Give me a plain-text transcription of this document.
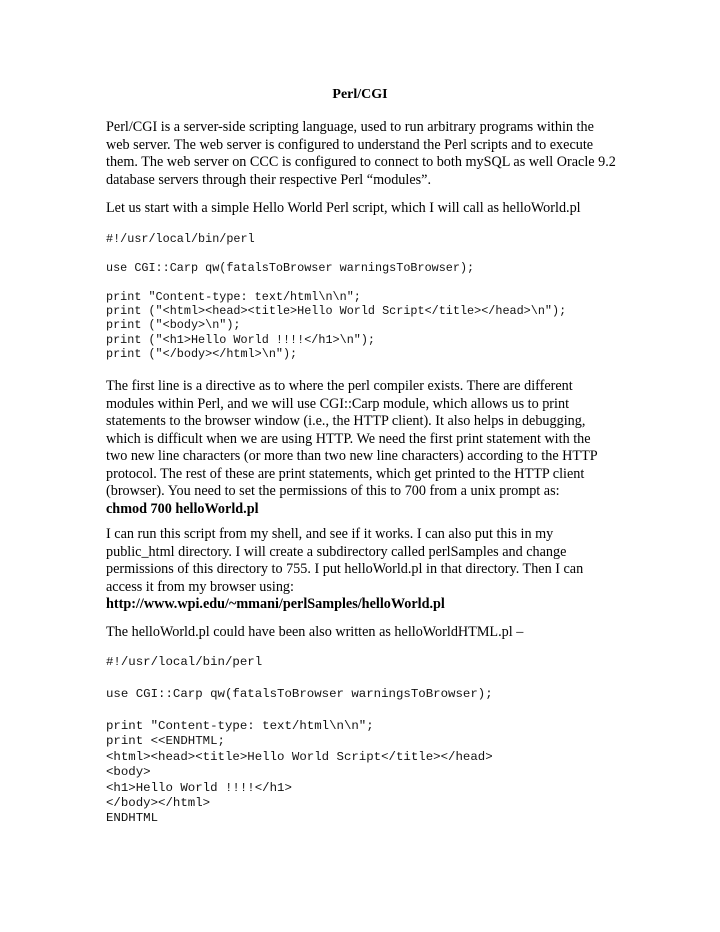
Perl/CGI
Perl/CGI is a server-side scripting language, used to run arbitrary programs within the
web server. The web server is configured to understand the Perl scripts and to execute
them. The web server on CCC is configured to connect to both mySQL as well Oracle 9.2
database servers through their respective Perl “modules”.
Let us start with a simple Hello World Perl script, which I will call as helloWorld.pl
#!/usr/local/bin/perl
use CGI::Carp qw(fatalsToBrowser warningsToBrowser);
print "Content-type: text/html\n\n";
print ("<html><head><title>Hello World Script</title></head>\n");
print ("<body>\n");
print ("<h1>Hello World !!!!</h1>\n");
print ("</body></html>\n");
The first line is a directive as to where the perl compiler exists. There are different
modules within Perl, and we will use CGI::Carp module, which allows us to print
statements to the browser window (i.e., the HTTP client). It also helps in debugging,
which is difficult when we are using HTTP. We need the first print statement with the
two new line characters (or more than two new line characters) according to the HTTP
protocol. The rest of these are print statements, which get printed to the HTTP client
(browser). You need to set the permissions of this to 700 from a unix prompt as:
chmod 700 helloWorld.pl
I can run this script from my shell, and see if it works. I can also put this in my
public_html directory. I will create a subdirectory called perlSamples and change
permissions of this directory to 755. I put helloWorld.pl in that directory. Then I can
access it from my browser using:
http://www.wpi.edu/~mmani/perlSamples/helloWorld.pl
The helloWorld.pl could have been also written as helloWorldHTML.pl –
#!/usr/local/bin/perl
use CGI::Carp qw(fatalsToBrowser warningsToBrowser);
print "Content-type: text/html\n\n";
print <<ENDHTML;
<html><head><title>Hello World Script</title></head>
<body>
<h1>Hello World !!!!</h1>
</body></html>
ENDHTML
